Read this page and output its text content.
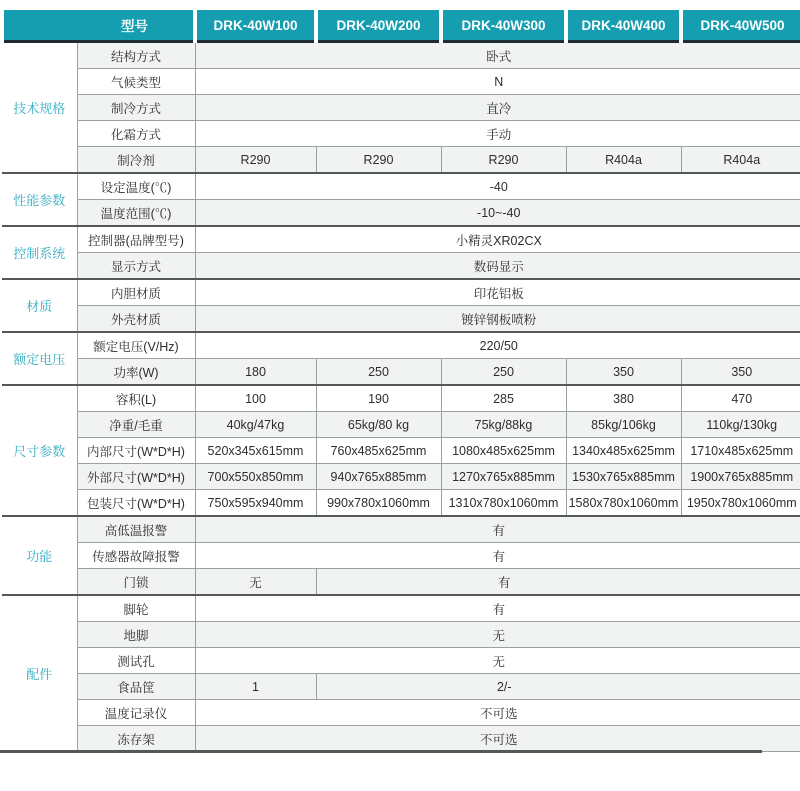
型号		DRK-40W100	DRK-40W200	DRK-40W300	DRK-40W400	DRK-40W500
技术规格	结构方式	卧式				
	气候类型	N				
	制冷方式	直冷				
	化霜方式	手动				
	制冷剂	R290	R290	R290	R404a	R404a
性能参数	设定温度(℃)	-40				
	温度范围(℃)	-10~-40				
控制系统	控制器(品牌型号)	小精灵XR02CX				
	显示方式	数码显示				
材质	内胆材质	印花铝板				
	外壳材质	镀锌钢板喷粉				
额定电压	额定电压(V/Hz)	220/50				
	功率(W)	180	250	250	350	350
尺寸参数	容积(L)	100	190	285	380	470
	净重/毛重	40kg/47kg	65kg/80 kg	75kg/88kg	85kg/106kg	110kg/130kg
	内部尺寸(W*D*H)	520x345x615mm	760x485x625mm	1080x485x625mm	1340x485x625mm	1710x485x625mm
	外部尺寸(W*D*H)	700x550x850mm	940x765x885mm	1270x765x885mm	1530x765x885mm	1900x765x885mm
	包装尺寸(W*D*H)	750x595x940mm	990x780x1060mm	1310x780x1060mm	1580x780x1060mm	1950x780x1060mm
功能	高低温报警	有				
	传感器故障报警	有				
	门锁	无	有			
配件	脚轮	有				
	地脚	无				
	测试孔	无				
	食品筐	1	2/-			
	温度记录仪	不可选				
	冻存架	不可选				
